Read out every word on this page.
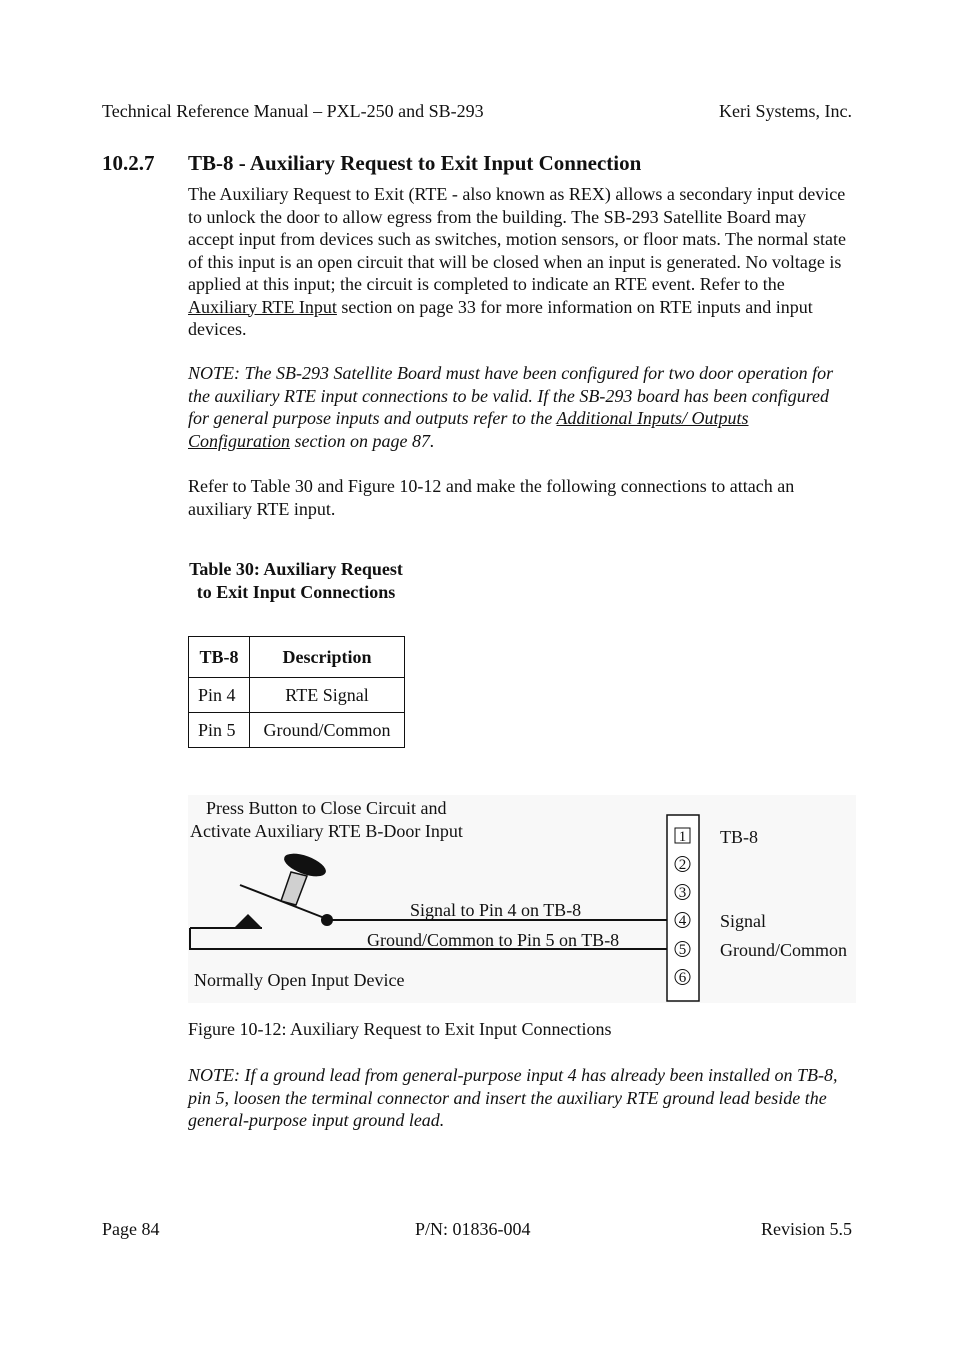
Technical Reference Manual – PXL-250 and SB-293	Keri Systems, Inc.
10.2.7 TB-8 - Auxiliary Request to Exit Input Connection

The Auxiliary Request to Exit (RTE - also known as REX) allows a secondary input device to unlock the door to allow egress from the building. The SB-293 Satellite Board may accept input from devices such as switches, motion sensors, or floor mats. The normal state of this input is an open circuit that will be closed when an input is generated. No voltage is applied at this input; the circuit is completed to indicate an RTE event. Refer to the Auxiliary RTE Input section on page 33 for more information on RTE inputs and input devices.

NOTE: The SB-293 Satellite Board must have been configured for two door operation for the auxiliary RTE input connections to be valid. If the SB-293 board has been configured for general purpose inputs and outputs refer to the Additional Inputs/ Outputs Configuration section on page 87.

Refer to Table 30 and Figure 10-12 and make the following connections to attach an auxiliary RTE input.

Table 30: Auxiliary Request to Exit Input Connections
TB-8	Description
Pin 4	RTE Signal
Pin 5	Ground/Common
Press Button to Close Circuit and
Activate Auxiliary RTE B-Door Input
Signal to Pin 4 on TB-8
Ground/Common to Pin 5 on TB-8
Normally Open Input Device
1
2
3
4
5
6
TB-8
Signal
Ground/Common
Figure 10-12: Auxiliary Request to Exit Input Connections

NOTE: If a ground lead from general-purpose input 4 has already been installed on TB-8, pin 5, loosen the terminal connector and insert the auxiliary RTE ground lead beside the general-purpose input ground lead.

Page 84	P/N: 01836-004	Revision 5.5
